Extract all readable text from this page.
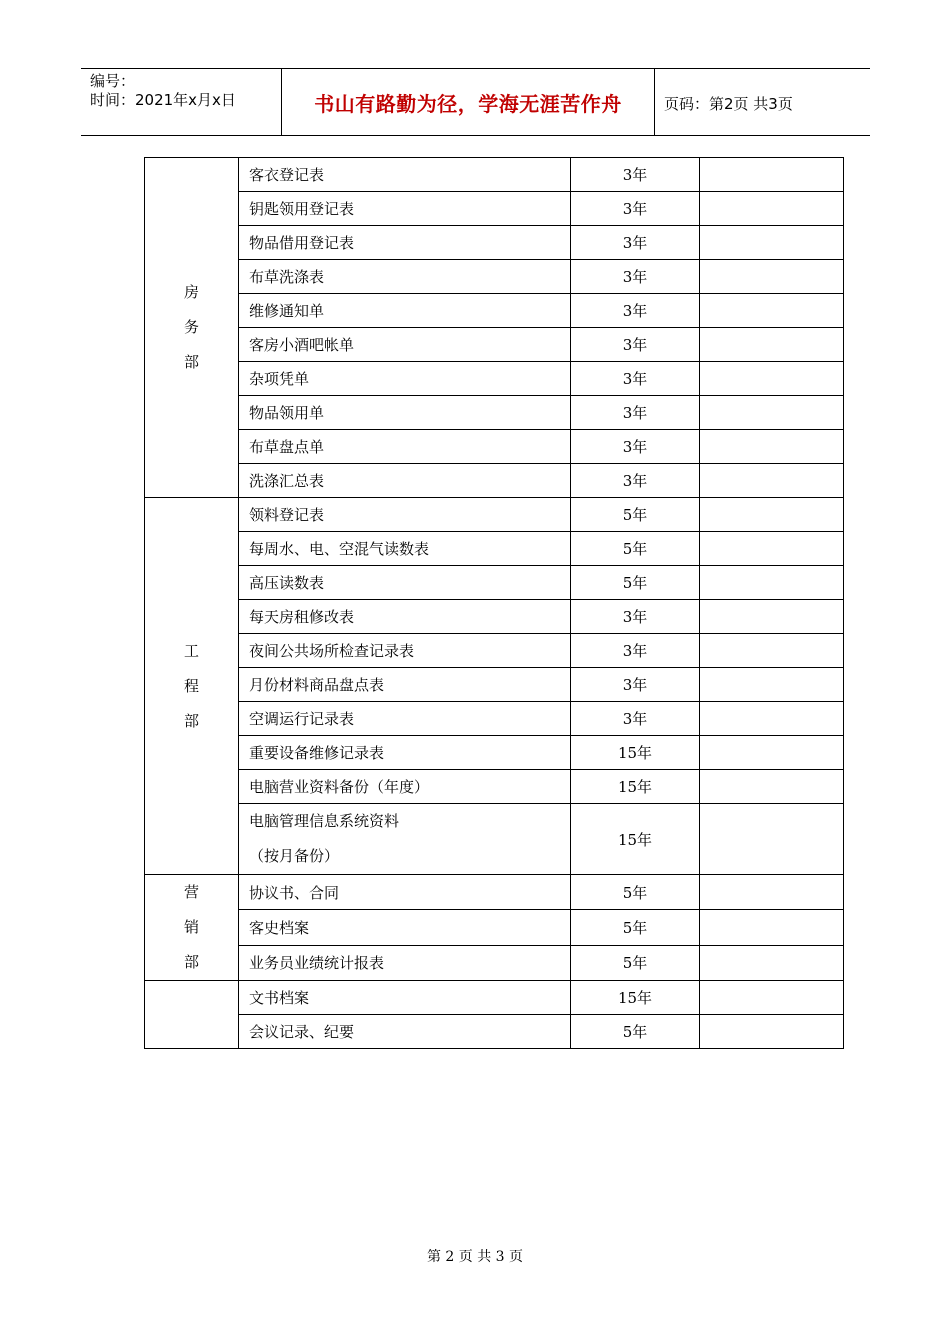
编号：
时间：2021年x月x日	书山有路勤为径，学海无涯苦作舟	页码：第2页 共3页
房
务
部	客衣登记表	3年	

	钥匙领用登记表	3年	

	物品借用登记表	3年	

	布草洗涤表	3年	

	维修通知单	3年	

	客房小酒吧帐单	3年	

	杂项凭单	3年	

	物品领用单	3年	

	布草盘点单	3年	

	洗涤汇总表	3年	

工
程
部	领料登记表	5年	

	每周水、电、空混气读数表	5年	

	高压读数表	5年	

	每天房租修改表	3年	

	夜间公共场所检查记录表	3年	

	月份材料商品盘点表	3年	

	空调运行记录表	3年	

	重要设备维修记录表	15年	

	电脑营业资料备份（年度）	15年	

	电脑管理信息系统资料
（按月备份）	15年	

营
销
部	协议书、合同	5年	

	客史档案	5年	

	业务员业绩统计报表	5年	

	文书档案	15年	

	会议记录、纪要	5年	
第 2 页 共 3 页
